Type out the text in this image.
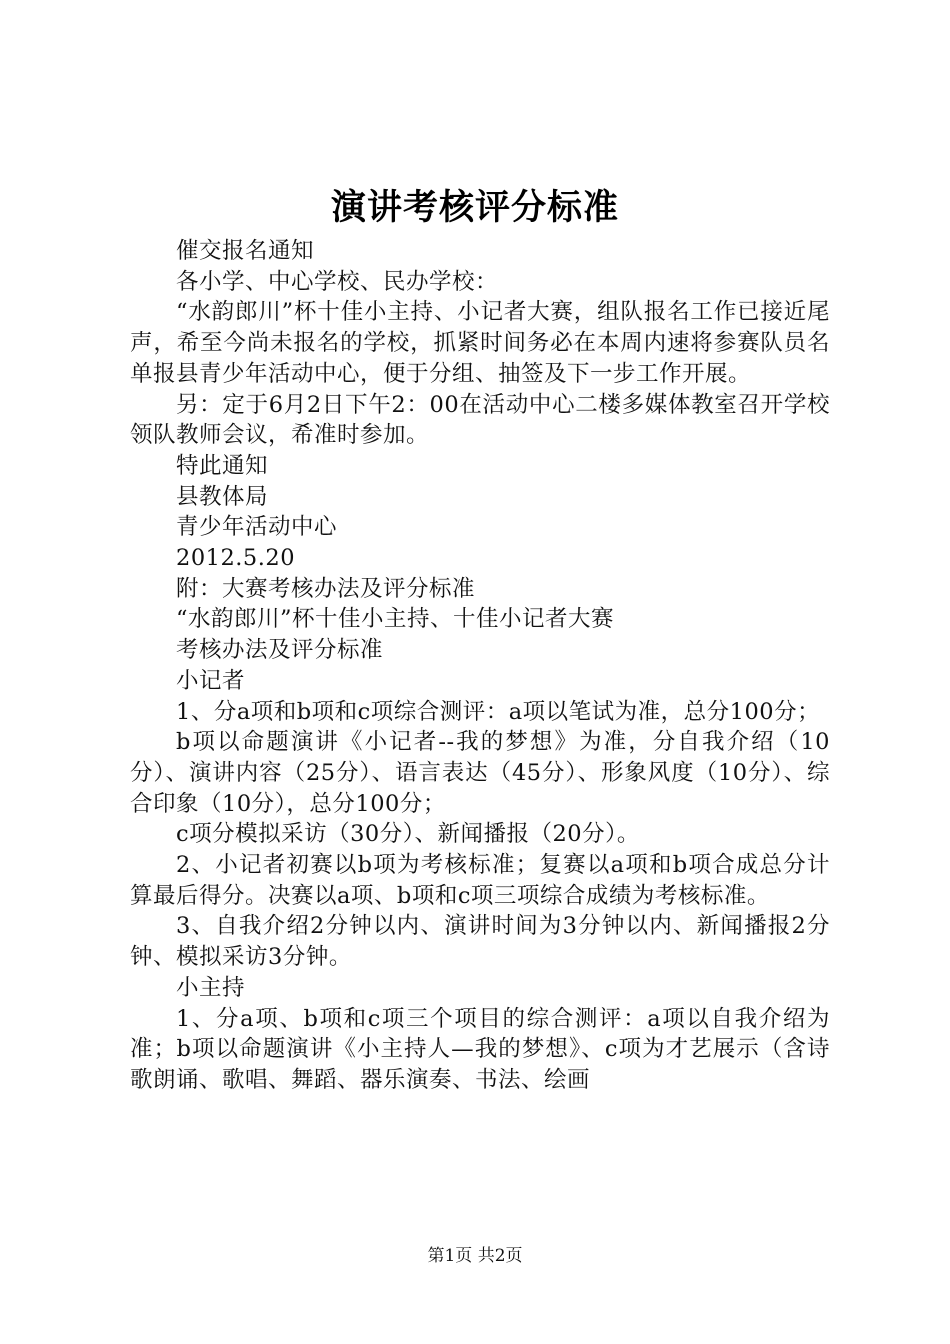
演讲考核评分标准

催交报名通知

各小学、中心学校、民办学校：

“水韵郎川”杯十佳小主持、小记者大赛，组队报名工作已接近尾声，希至今尚未报名的学校，抓紧时间务必在本周内速将参赛队员名单报县青少年活动中心，便于分组、抽签及下一步工作开展。

另：定于6月2日下午2：00在活动中心二楼多媒体教室召开学校领队教师会议，希准时参加。

特此通知

县教体局

青少年活动中心

2012.5.20

附：大赛考核办法及评分标准

“水韵郎川”杯十佳小主持、十佳小记者大赛

考核办法及评分标准

小记者

1、分a项和b项和c项综合测评：a项以笔试为准，总分100分；

b项以命题演讲《小记者--我的梦想》为准，分自我介绍（10分）、演讲内容（25分）、语言表达（45分）、形象风度（10分）、综合印象（10分），总分100分；

c项分模拟采访（30分）、新闻播报（20分）。

2、小记者初赛以b项为考核标准；复赛以a项和b项合成总分计算最后得分。决赛以a项、b项和c项三项综合成绩为考核标准。

3、自我介绍2分钟以内、演讲时间为3分钟以内、新闻播报2分钟、模拟采访3分钟。

小主持

1、分a项、b项和c项三个项目的综合测评：a项以自我介绍为准；b项以命题演讲《小主持人—我的梦想》、c项为才艺展示（含诗歌朗诵、歌唱、舞蹈、器乐演奏、书法、绘画

第1页 共2页
